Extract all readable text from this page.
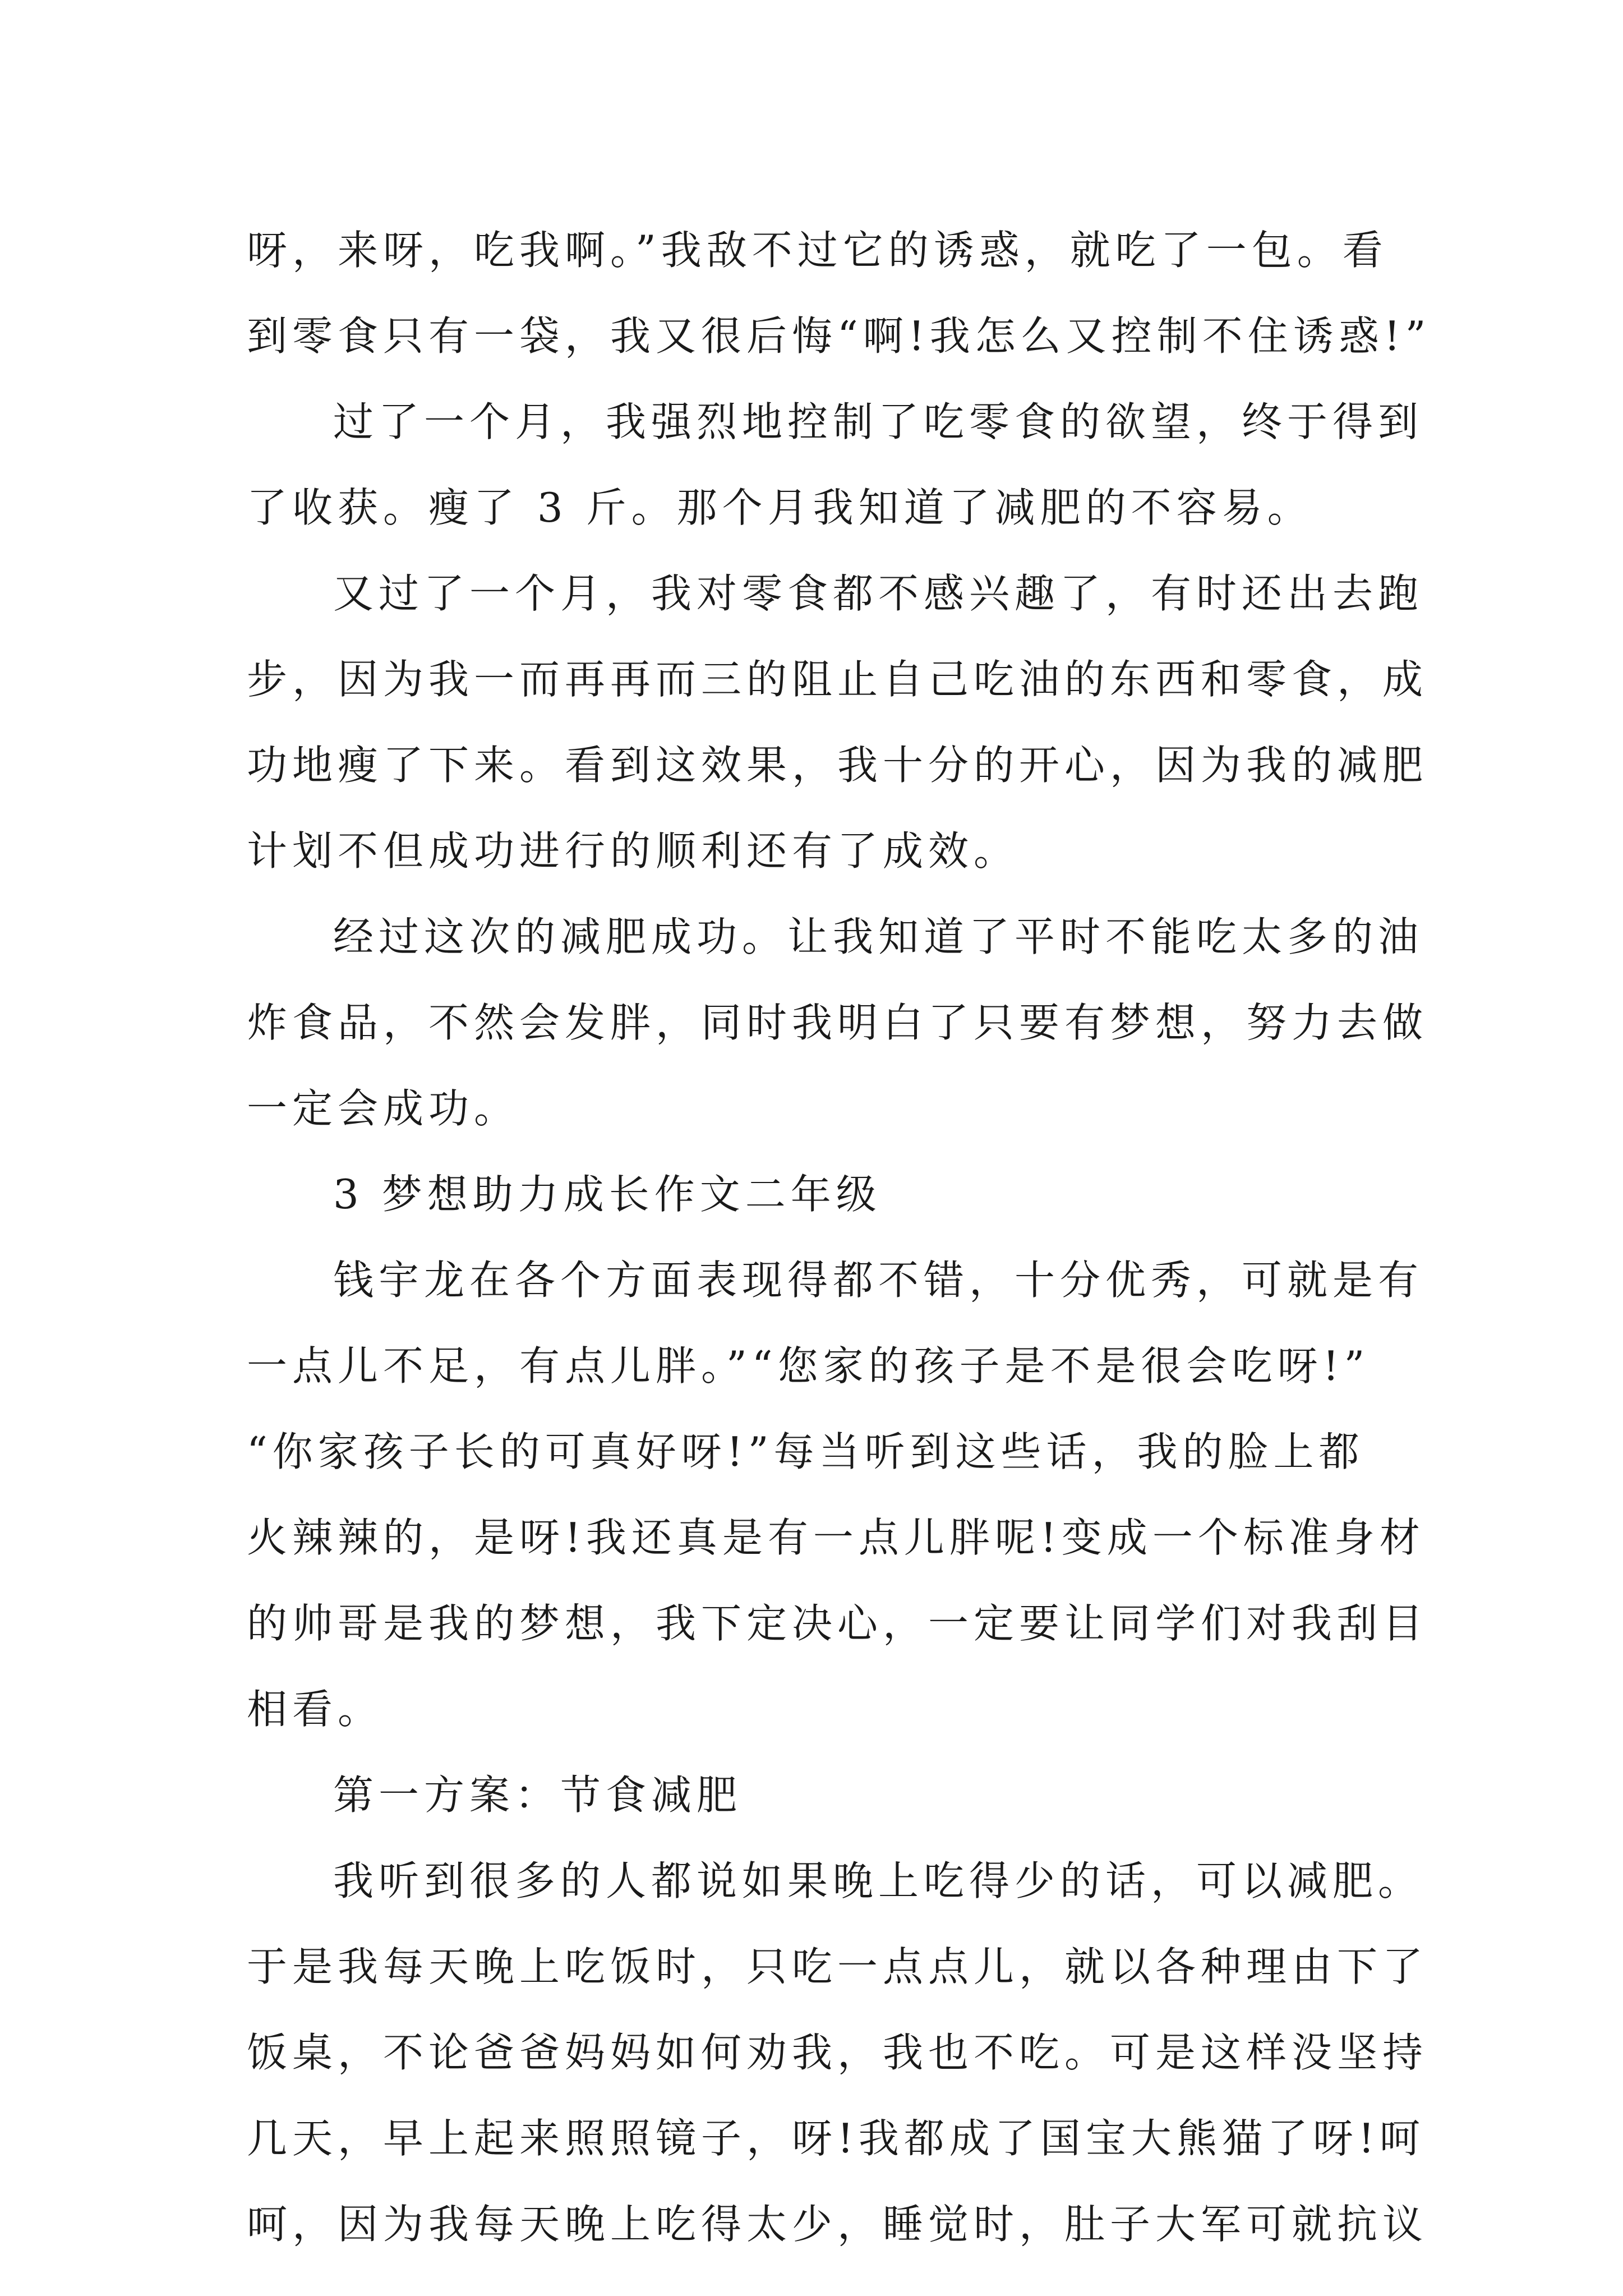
呀，来呀，吃我啊。”我敌不过它的诱惑，就吃了一包。看
到零食只有一袋，我又很后悔“啊!我怎么又控制不住诱惑!”
过了一个月，我强烈地控制了吃零食的欲望，终于得到
了收获。瘦了 3 斤。那个月我知道了减肥的不容易。
又过了一个月，我对零食都不感兴趣了，有时还出去跑
步，因为我一而再再而三的阻止自己吃油的东西和零食，成
功地瘦了下来。看到这效果，我十分的开心，因为我的减肥
计划不但成功进行的顺利还有了成效。
经过这次的减肥成功。让我知道了平时不能吃太多的油
炸食品，不然会发胖，同时我明白了只要有梦想，努力去做
一定会成功。
3 梦想助力成长作文二年级
钱宇龙在各个方面表现得都不错，十分优秀，可就是有
一点儿不足，有点儿胖。”“您家的孩子是不是很会吃呀!”
“你家孩子长的可真好呀!”每当听到这些话，我的脸上都
火辣辣的，是呀!我还真是有一点儿胖呢!变成一个标准身材
的帅哥是我的梦想，我下定决心，一定要让同学们对我刮目
相看。
第一方案：节食减肥
我听到很多的人都说如果晚上吃得少的话，可以减肥。
于是我每天晚上吃饭时，只吃一点点儿，就以各种理由下了
饭桌，不论爸爸妈妈如何劝我，我也不吃。可是这样没坚持
几天，早上起来照照镜子，呀!我都成了国宝大熊猫了呀!呵
呵，因为我每天晚上吃得太少，睡觉时，肚子大军可就抗议
